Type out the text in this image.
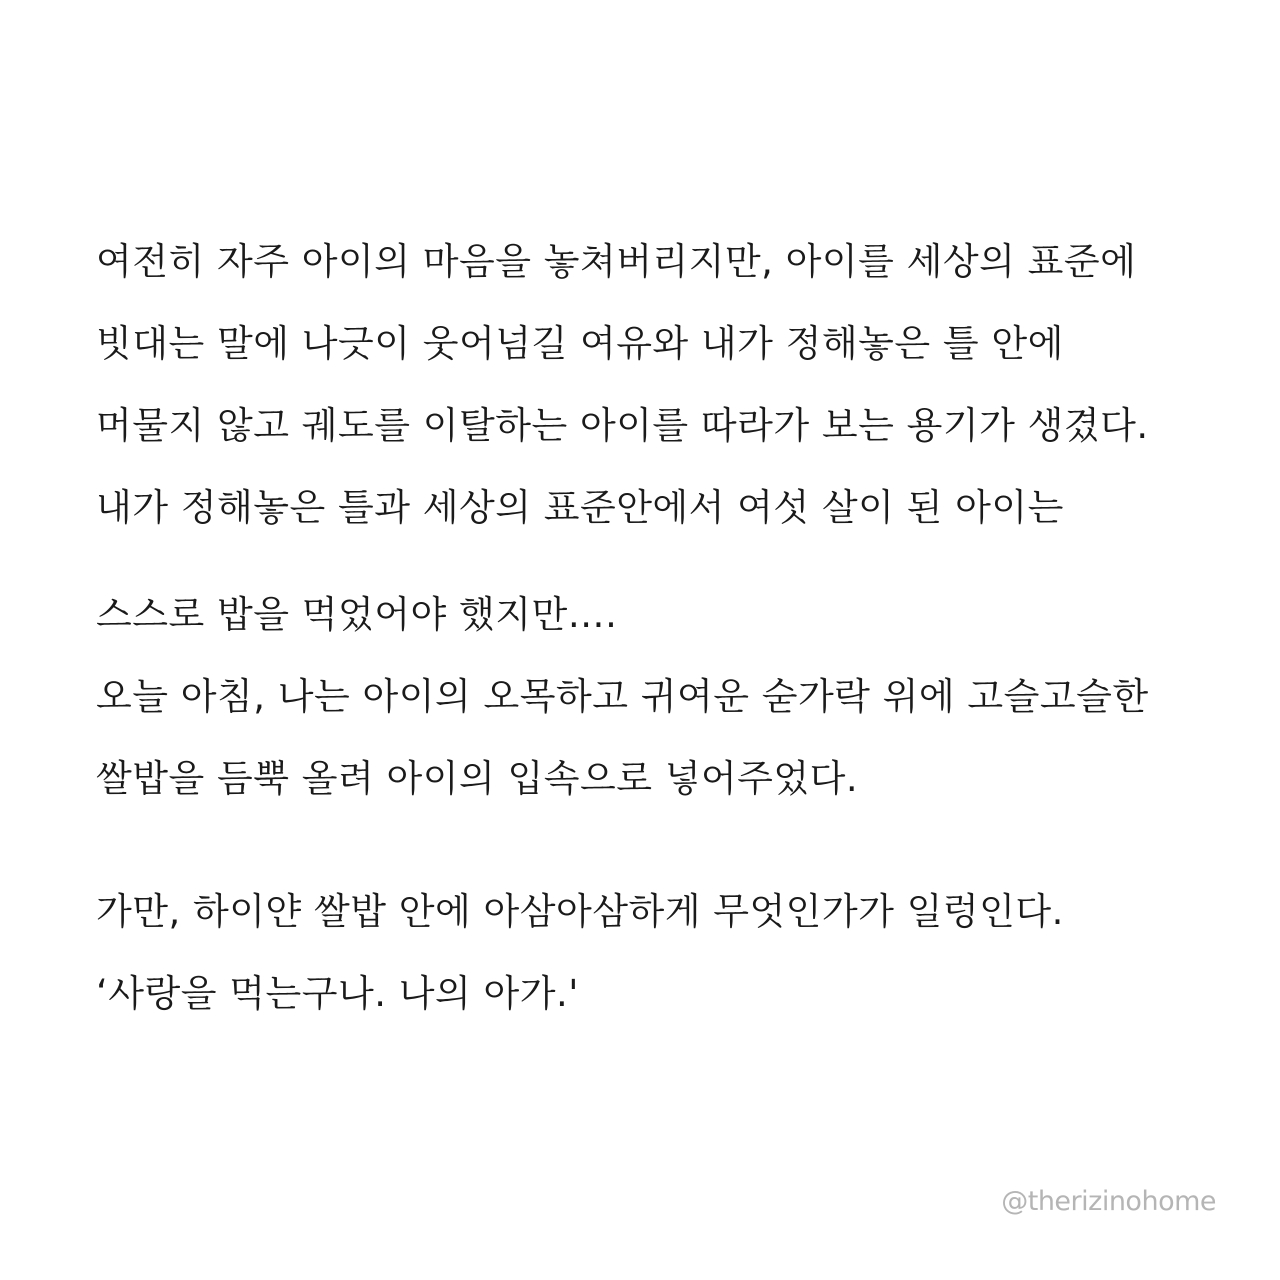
여전히 자주 아이의 마음을 놓쳐버리지만, 아이를 세상의 표준에
빗대는 말에 나긋이 웃어넘길 여유와 내가 정해놓은 틀 안에
머물지 않고 궤도를 이탈하는 아이를 따라가 보는 용기가 생겼다.
내가 정해놓은 틀과 세상의 표준안에서 여섯 살이 된 아이는
스스로 밥을 먹었어야 했지만….
오늘 아침, 나는 아이의 오목하고 귀여운 숟가락 위에 고슬고슬한
쌀밥을 듬뿍 올려 아이의 입속으로 넣어주었다.
가만, 하이얀 쌀밥 안에 아삼아삼하게 무엇인가가 일렁인다.
‘사랑을 먹는구나. 나의 아가.'
@therizinohome
